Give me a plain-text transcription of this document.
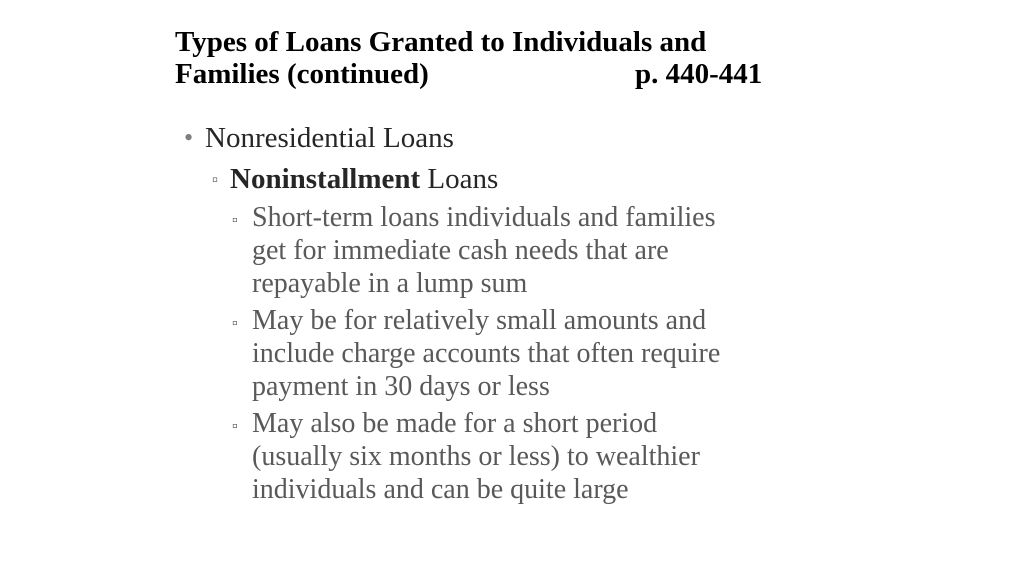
Types of Loans Granted to Individuals and
Families (continued)	p. 440-441
• Nonresidential Loans
▫ Noninstallment Loans
▫ Short-term loans individuals and families
get for immediate cash needs that are
repayable in a lump sum
▫ May be for relatively small amounts and
include charge accounts that often require
payment in 30 days or less
▫ May also be made for a short period
(usually six months or less) to wealthier
individuals and can be quite large
